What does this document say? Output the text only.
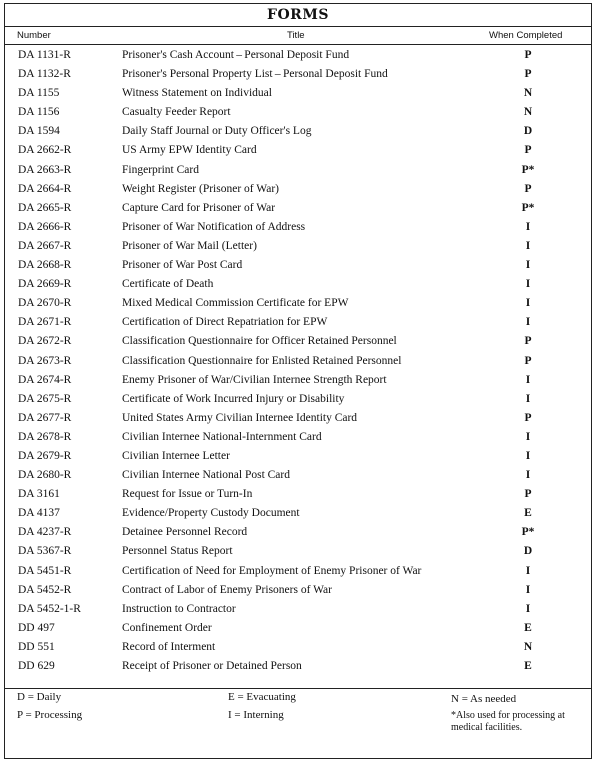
FORMS
Number	Title	When Completed
DA 1131-R	Prisoner's Cash Account – Personal Deposit Fund	P
DA 1132-R	Prisoner's Personal Property List – Personal Deposit Fund	P
DA 1155	Witness Statement on Individual	N
DA 1156	Casualty Feeder Report	N
DA 1594	Daily Staff Journal or Duty Officer's Log	D
DA 2662-R	US Army EPW Identity Card	P
DA 2663-R	Fingerprint Card	P*
DA 2664-R	Weight Register (Prisoner of War)	P
DA 2665-R	Capture Card for Prisoner of War	P*
DA 2666-R	Prisoner of War Notification of Address	I
DA 2667-R	Prisoner of War Mail (Letter)	I
DA 2668-R	Prisoner of War Post Card	I
DA 2669-R	Certificate of Death	I
DA 2670-R	Mixed Medical Commission Certificate for EPW	I
DA 2671-R	Certification of Direct Repatriation for EPW	I
DA 2672-R	Classification Questionnaire for Officer Retained Personnel	P
DA 2673-R	Classification Questionnaire for Enlisted Retained Personnel	P
DA 2674-R	Enemy Prisoner of War/Civilian Internee Strength Report	I
DA 2675-R	Certificate of Work Incurred Injury or Disability	I
DA 2677-R	United States Army Civilian Internee Identity Card	P
DA 2678-R	Civilian Internee National-Internment Card	I
DA 2679-R	Civilian Internee Letter	I
DA 2680-R	Civilian Internee National Post Card	I
DA 3161	Request for Issue or Turn-In	P
DA 4137	Evidence/Property Custody Document	E
DA 4237-R	Detainee Personnel Record	P*
DA 5367-R	Personnel Status Report	D
DA 5451-R	Certification of Need for Employment of Enemy Prisoner of War	I
DA 5452-R	Contract of Labor of Enemy Prisoners of War	I
DA 5452-1-R	Instruction to Contractor	I
DD 497	Confinement Order	E
DD 551	Record of Interment	N
DD 629	Receipt of Prisoner or Detained Person	E
D = Daily
P = Processing
E = Evacuating
I = Interning
N = As needed
*Also used for processing at medical facilities.
